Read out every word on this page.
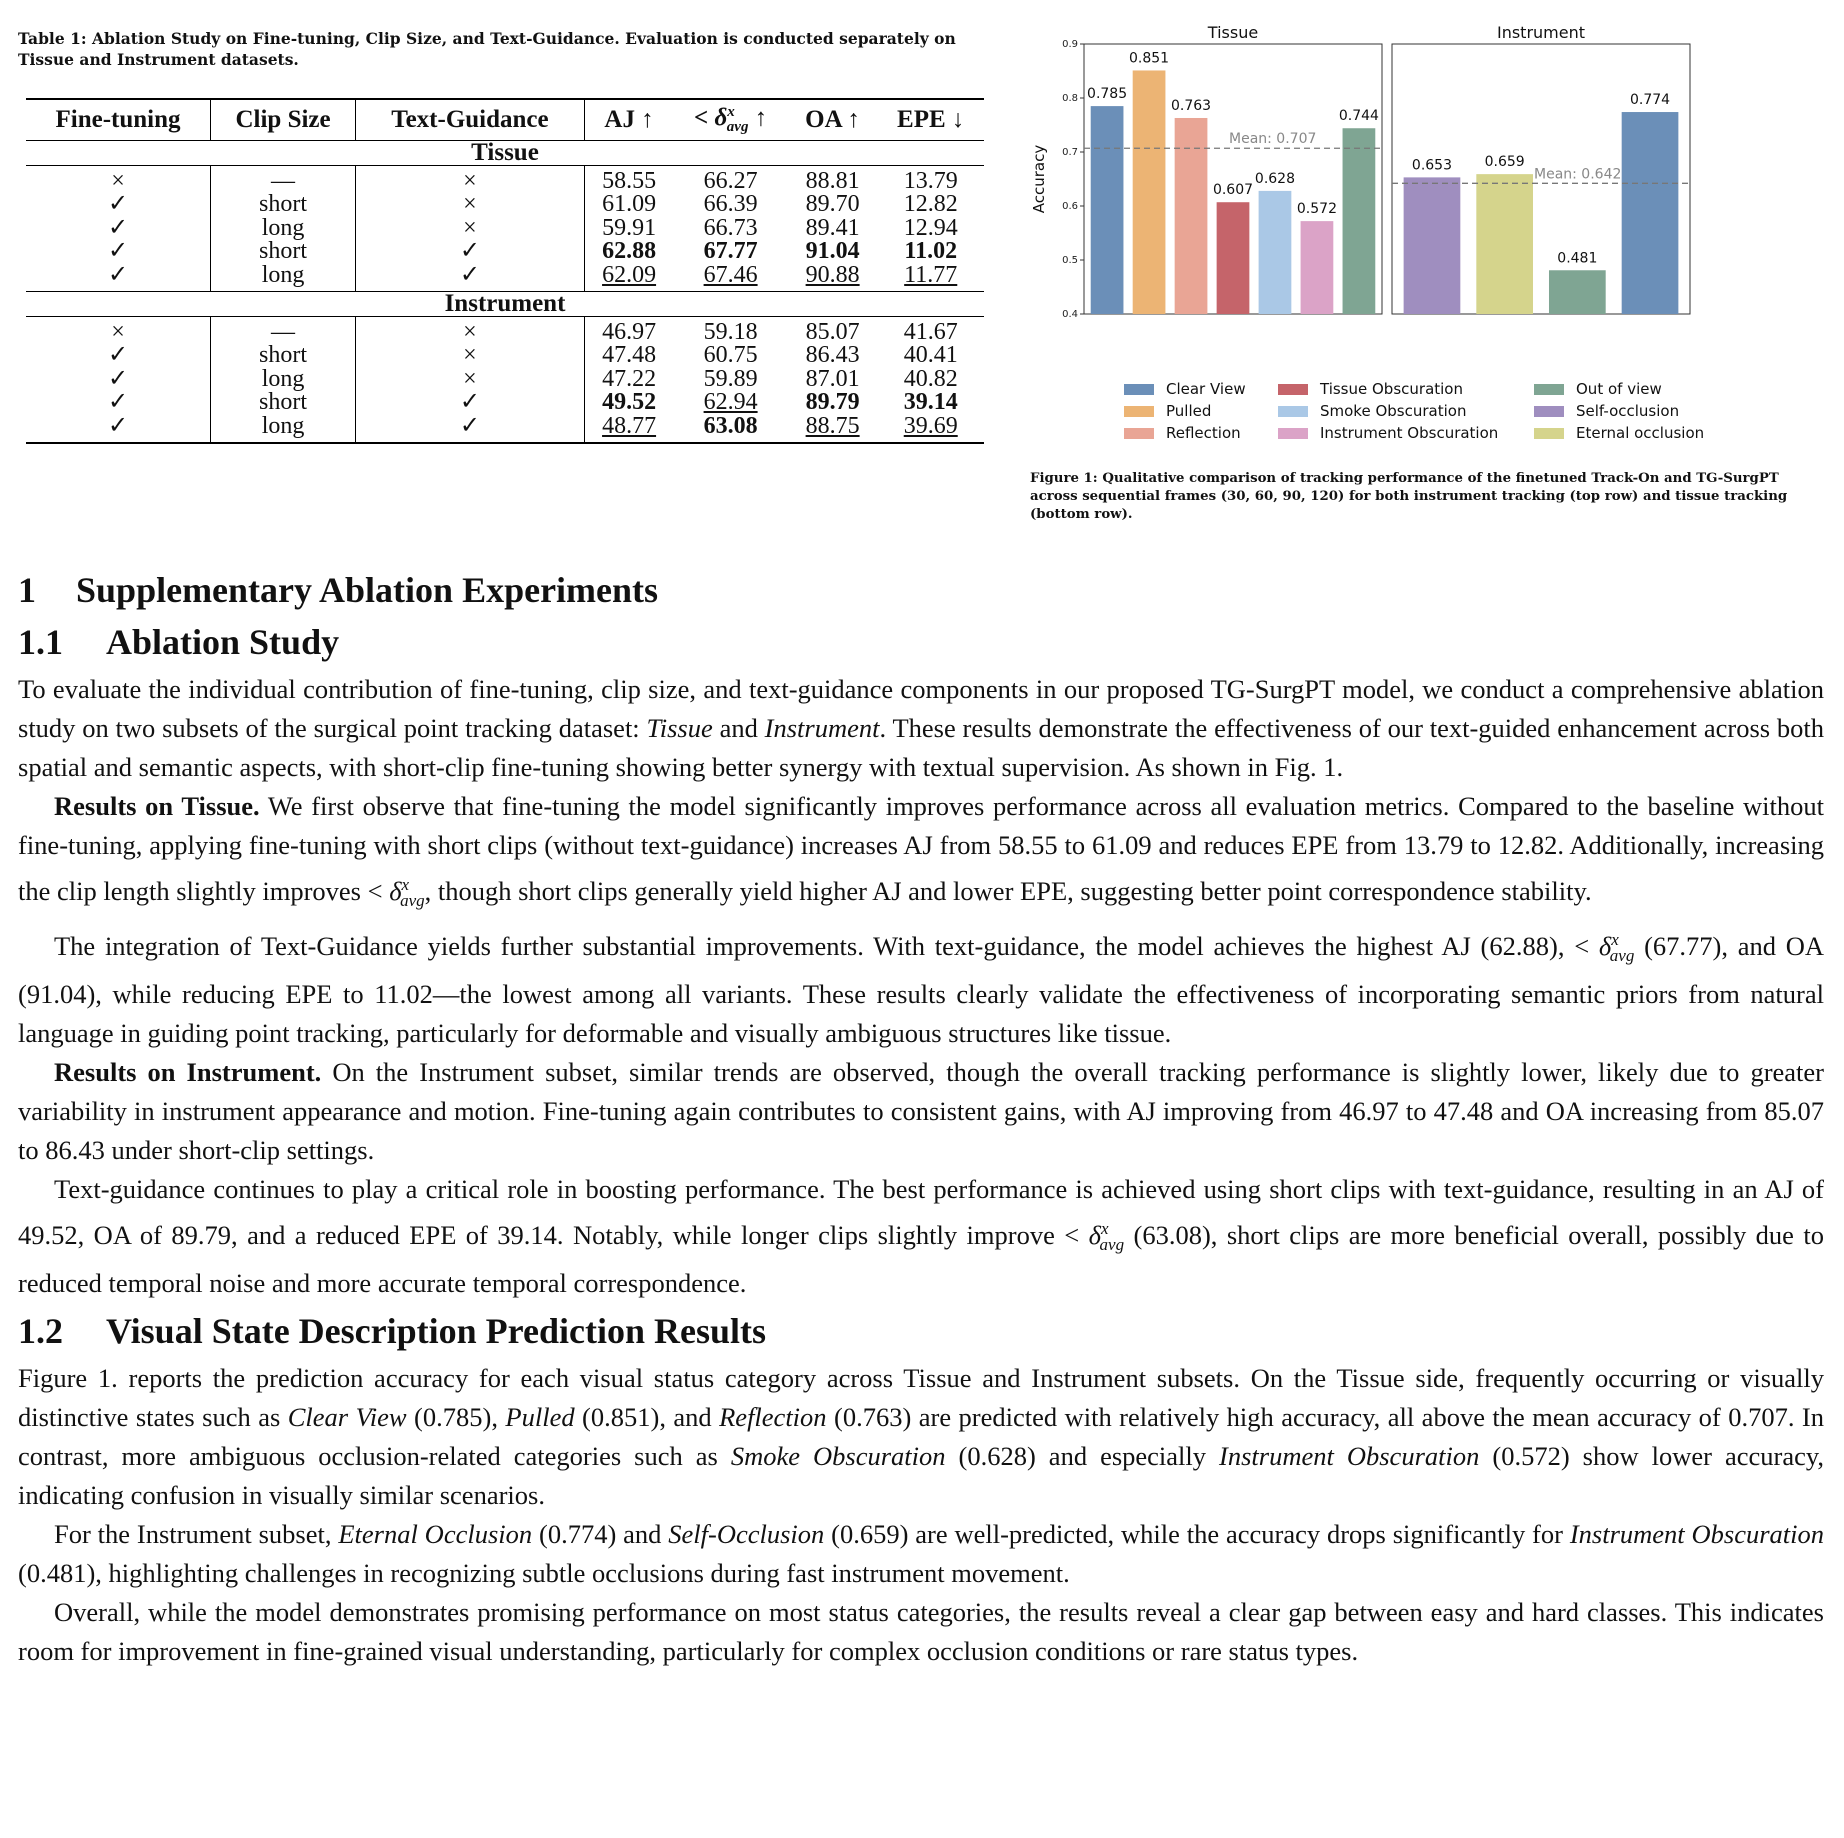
Table 1: Ablation Study on Fine-tuning, Clip Size, and Text-Guidance. Evaluation is conducted separately on Tissue and Instrument datasets.

Fine-tuning	Clip Size	Text-Guidance	AJ ↑	< $\delta^x_{avg}$ ↑	OA ↑	EPE ↓
Tissue						
×	—	×	58.55	66.27	88.81	13.79
✓	short	×	61.09	66.39	89.70	12.82
✓	long	×	59.91	66.73	89.41	12.94
✓	short	✓	62.88	67.77	91.04	11.02
✓	long	✓	62.09	67.46	90.88	11.77
Instrument						
×	—	×	46.97	59.18	85.07	41.67
✓	short	×	47.48	60.75	86.43	40.41
✓	long	×	47.22	59.89	87.01	40.82
✓	short	✓	49.52	62.94	89.79	39.14
✓	long	✓	48.77	63.08	88.75	39.69
Accuracy
0.4
0.5
0.6
0.7
0.8
0.9
Tissue
0.785
0.851
0.763
0.607
0.628
0.572
0.744
Mean: 0.707
Instrument
0.653 0.659
0.481
0.774
Mean: 0.642
Clear View
Pulled
Reflection
Tissue Obscuration
Smoke Obscuration
Instrument Obscuration
Out of view
Self-occlusion
Eternal occlusion
Figure 1: Qualitative comparison of tracking performance of the finetuned Track-On and TG-SurgPT across sequential frames (30, 60, 90, 120) for both instrument tracking (top row) and tissue tracking (bottom row).
1 Supplementary Ablation Experiments
1.1 Ablation Study

To evaluate the individual contribution of fine-tuning, clip size, and text-guidance components in our proposed TG-SurgPT model, we conduct a comprehensive ablation study on two subsets of the surgical point tracking dataset: Tissue and Instrument. These results demonstrate the effectiveness of our text-guided enhancement across both spatial and semantic aspects, with short-clip fine-tuning showing better synergy with textual supervision. As shown in Fig. 1.

Results on Tissue. We first observe that fine-tuning the model significantly improves performance across all evaluation metrics. Compared to the baseline without fine-tuning, applying fine-tuning with short clips (without text-guidance) increases AJ from 58.55 to 61.09 and reduces EPE from 13.79 to 12.82. Additionally, increasing the clip length slightly improves < $\delta^x_{avg}$, though short clips generally yield higher AJ and lower EPE, suggesting better point correspondence stability.

The integration of Text-Guidance yields further substantial improvements. With text-guidance, the model achieves the highest AJ (62.88), < $\delta^x_{avg}$ (67.77), and OA (91.04), while reducing EPE to 11.02—the lowest among all variants. These results clearly validate the effectiveness of incorporating semantic priors from natural language in guiding point tracking, particularly for deformable and visually ambiguous structures like tissue.

Results on Instrument. On the Instrument subset, similar trends are observed, though the overall tracking performance is slightly lower, likely due to greater variability in instrument appearance and motion. Fine-tuning again contributes to consistent gains, with AJ improving from 46.97 to 47.48 and OA increasing from 85.07 to 86.43 under short-clip settings.

Text-guidance continues to play a critical role in boosting performance. The best performance is achieved using short clips with text-guidance, resulting in an AJ of 49.52, OA of 89.79, and a reduced EPE of 39.14. Notably, while longer clips slightly improve < $\delta^x_{avg}$ (63.08), short clips are more beneficial overall, possibly due to reduced temporal noise and more accurate temporal correspondence.

1.2 Visual State Description Prediction Results

Figure 1. reports the prediction accuracy for each visual status category across Tissue and Instrument subsets. On the Tissue side, frequently occurring or visually distinctive states such as Clear View (0.785), Pulled (0.851), and Reflection (0.763) are predicted with relatively high accuracy, all above the mean accuracy of 0.707. In contrast, more ambiguous occlusion-related categories such as Smoke Obscuration (0.628) and especially Instrument Obscuration (0.572) show lower accuracy, indicating confusion in visually similar scenarios.

For the Instrument subset, Eternal Occlusion (0.774) and Self-Occlusion (0.659) are well-predicted, while the accuracy drops significantly for Instrument Obscuration (0.481), highlighting challenges in recognizing subtle occlusions during fast instrument movement.

Overall, while the model demonstrates promising performance on most status categories, the results reveal a clear gap between easy and hard classes. This indicates room for improvement in fine-grained visual understanding, particularly for complex occlusion conditions or rare status types.
